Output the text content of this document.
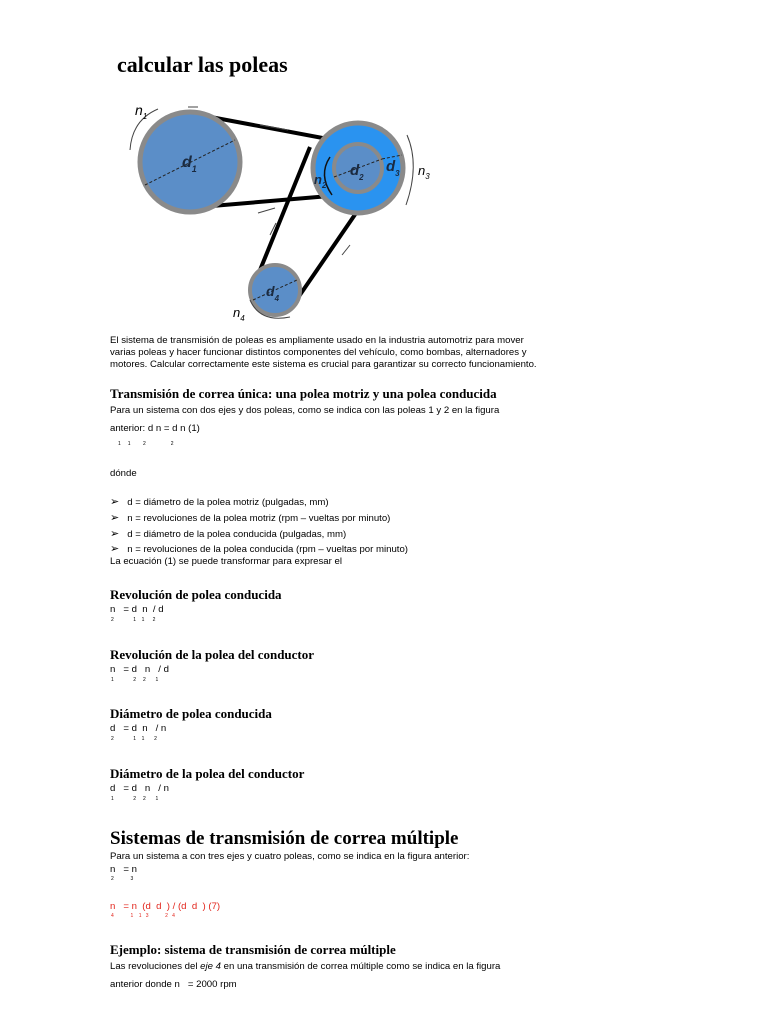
calcular las poleas
$n_1$
$d_1$	$d_2$
$d_3$
$n_2$
$n_3$
$d_4$
$n_4$
El sistema de transmisión de poleas es ampliamente usado en la industria automotriz para mover varias poleas y hacer funcionar distintos componentes del vehículo, como bombas, alternadores y motores. Calcular correctamente este sistema es crucial para garantizar su correcto funcionamiento.
Transmisión de correa única: una polea motriz y una polea conducida
Para un sistema con dos ejes y dos poleas, como se indica con las poleas 1 y 2 en la figura
anterior: d n = d n (1)
1     1         2                  2
dónde
➢ d = diámetro de la polea motriz (pulgadas, mm)
➢ n = revoluciones de la polea motriz (rpm – vueltas por minuto)
➢ d = diámetro de la polea conducida (pulgadas, mm)
➢ n = revoluciones de la polea conducida (rpm – vueltas por minuto)
La ecuación (1) se puede transformar para expresar el
Revolución de polea conducida
n   = d  n  / d
2              1    1      2
Revolución de la polea del conductor
n   = d   n   / d
1              2     2       1
Diámetro de polea conducida
d   = d  n   / n
2              1    1       2
Diámetro de la polea del conductor
d   = d   n   / n
1              2     2       1
Sistemas de transmisión de correa múltiple
Para un sistema a con tres ejes y cuatro poleas, como se indica en la figura anterior:
n   = n
2            3
n   = n  (d  d  ) / (d  d  ) (7)
4            1    1   3            2   4
Ejemplo: sistema de transmisión de correa múltiple
Las revoluciones del eje 4 en una transmisión de correa múltiple como se indica en la figura
anterior donde n   = 2000 rpm
